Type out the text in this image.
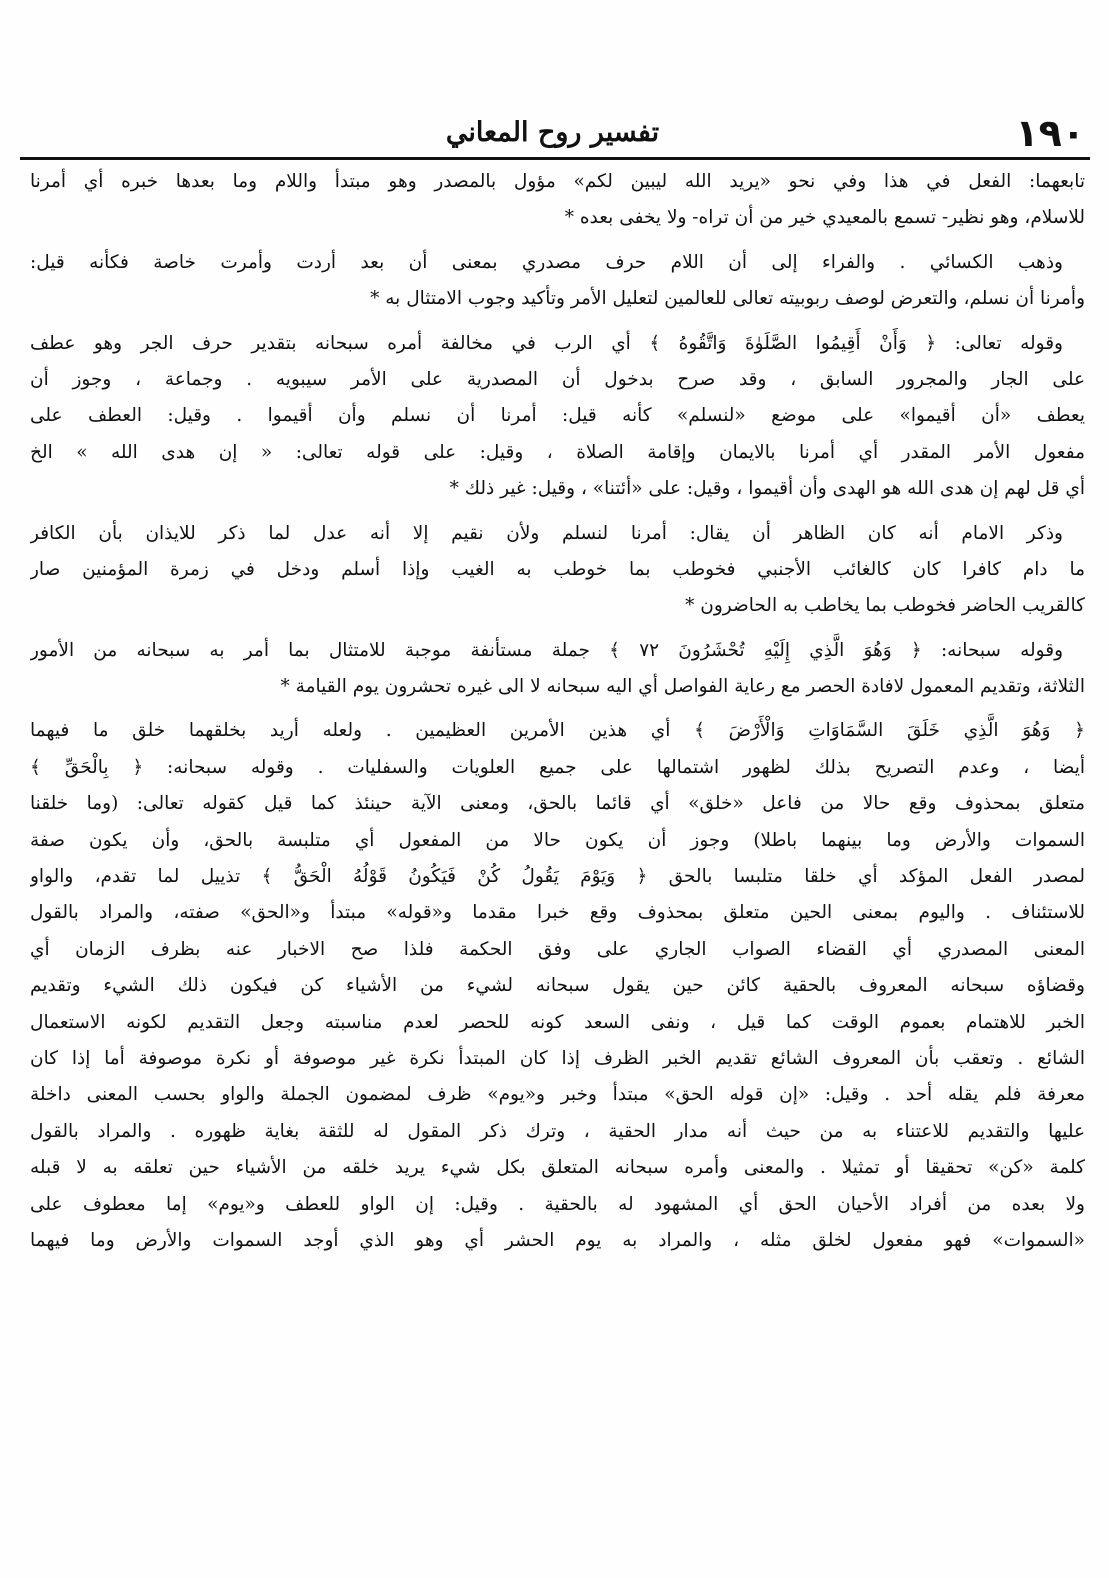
١٩٠
تفسير روح المعاني
تابعهما: الفعل في هذا وفي نحو «يريد الله ليبين لكم» مؤول بالمصدر وهو مبتدأ واللام وما بعدها خبره أي أمرنا
للاسلام، وهو نظير- تسمع بالمعيدي خير من أن تراه- ولا يخفى بعده *
وذهب الكسائي . والفراء إلى أن اللام حرف مصدري بمعنى أن بعد أردت وأمرت خاصة فكأنه قيل:
وأمرنا أن نسلم، والتعرض لوصف ربوبيته تعالى للعالمين لتعليل الأمر وتأكيد وجوب الامتثال به *
وقوله تعالى: ﴿ وَأَنْ أَقِيمُوا الصَّلَوٰةَ وَاتَّقُوهُ ﴾ أي الرب في مخالفة أمره سبحانه بتقدير حرف الجر وهو عطف
على الجار والمجرور السابق ، وقد صرح بدخول أن المصدرية على الأمر سيبويه . وجماعة ، وجوز أن
يعطف «أن أقيموا» على موضع «لنسلم» كأنه قيل: أمرنا أن نسلم وأن أقيموا . وقيل: العطف على
مفعول الأمر المقدر أي أمرنا بالايمان وإقامة الصلاة ، وقيل: على قوله تعالى: « إن هدى الله » الخ
أي قل لهم إن هدى الله هو الهدى وأن أقيموا ، وقيل: على «أئتنا» ، وقيل: غير ذلك *
وذكر الامام أنه كان الظاهر أن يقال: أمرنا لنسلم ولأن نقيم إلا أنه عدل لما ذكر للايذان بأن الكافر
ما دام كافرا كان كالغائب الأجنبي فخوطب بما خوطب به الغيب وإذا أسلم ودخل في زمرة المؤمنين صار
كالقريب الحاضر فخوطب بما يخاطب به الحاضرون *
وقوله سبحانه: ﴿ وَهُوَ الَّذِي إِلَيْهِ تُحْشَرُونَ ٧٢ ﴾ جملة مستأنفة موجبة للامتثال بما أمر به سبحانه من الأمور
الثلاثة، وتقديم المعمول لافادة الحصر مع رعاية الفواصل أي اليه سبحانه لا الى غيره تحشرون يوم القيامة *
﴿ وَهُوَ الَّذِي خَلَقَ السَّمَاوَاتِ وَالْأَرْضَ ﴾ أي هذين الأمرين العظيمين . ولعله أريد بخلقهما خلق ما فيهما
أيضا ، وعدم التصريح بذلك لظهور اشتمالها على جميع العلويات والسفليات . وقوله سبحانه: ﴿ بِالْحَقِّ ﴾
متعلق بمحذوف وقع حالا من فاعل «خلق» أي قائما بالحق، ومعنى الآية حينئذ كما قيل كقوله تعالى: (وما خلقنا
السموات والأرض وما بينهما باطلا) وجوز أن يكون حالا من المفعول أي متلبسة بالحق، وأن يكون صفة
لمصدر الفعل المؤكد أي خلقا متلبسا بالحق ﴿ وَيَوْمَ يَقُولُ كُنْ فَيَكُونُ قَوْلُهُ الْحَقُّ ﴾ تذييل لما تقدم، والواو
للاستئناف . واليوم بمعنى الحين متعلق بمحذوف وقع خبرا مقدما و«قوله» مبتدأ و«الحق» صفته، والمراد بالقول
المعنى المصدري أي القضاء الصواب الجاري على وفق الحكمة فلذا صح الاخبار عنه بظرف الزمان أي
وقضاؤه سبحانه المعروف بالحقية كائن حين يقول سبحانه لشيء من الأشياء كن فيكون ذلك الشيء وتقديم
الخبر للاهتمام بعموم الوقت كما قيل ، ونفى السعد كونه للحصر لعدم مناسبته وجعل التقديم لكونه الاستعمال
الشائع . وتعقب بأن المعروف الشائع تقديم الخبر الظرف إذا كان المبتدأ نكرة غير موصوفة أو نكرة موصوفة أما إذا كان
معرفة فلم يقله أحد . وقيل: «إن قوله الحق» مبتدأ وخبر و«يوم» ظرف لمضمون الجملة والواو بحسب المعنى داخلة
عليها والتقديم للاعتناء به من حيث أنه مدار الحقية ، وترك ذكر المقول له للثقة بغاية ظهوره . والمراد بالقول
كلمة «كن» تحقيقا أو تمثيلا . والمعنى وأمره سبحانه المتعلق بكل شيء يريد خلقه من الأشياء حين تعلقه به لا قبله
ولا بعده من أفراد الأحيان الحق أي المشهود له بالحقية . وقيل: إن الواو للعطف و«يوم» إما معطوف على
«السموات» فهو مفعول لخلق مثله ، والمراد به يوم الحشر أي وهو الذي أوجد السموات والأرض وما فيهما
